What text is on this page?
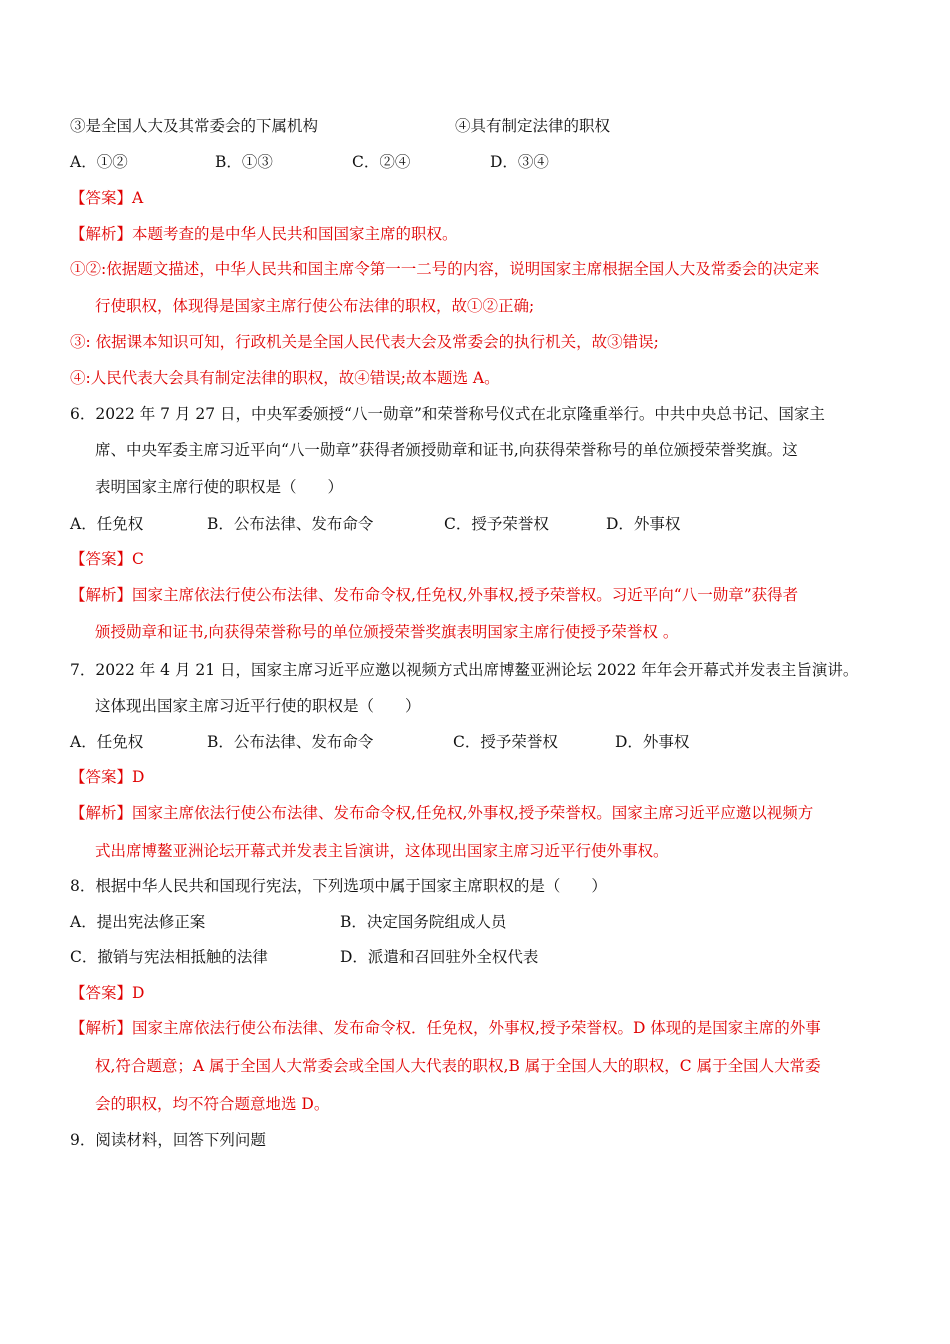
③是全国人大及其常委会的下属机构	④具有制定法律的职权
A．①②	B．①③	C．②④	D．③④
【答案】A
【解析】本题考查的是中华人民共和国国家主席的职权。
①②:依据题文描述，中华人民共和国主席令第一一二号的内容，说明国家主席根据全国人大及常委会的决定来
行使职权，体现得是国家主席行使公布法律的职权，故①②正确;
③: 依据课本知识可知，行政机关是全国人民代表大会及常委会的执行机关，故③错误;
④:人民代表大会具有制定法律的职权，故④错误;故本题选 A。
6．2022 年 7 月 27 日，中央军委颁授“八一勋章”和荣誉称号仪式在北京隆重举行。中共中央总书记、国家主
席、中央军委主席习近平向“八一勋章”获得者颁授勋章和证书,向获得荣誉称号的单位颁授荣誉奖旗。这
表明国家主席行使的职权是（　　）
A．任免权	B．公布法律、发布命令	C．授予荣誉权	D．外事权
【答案】C
【解析】国家主席依法行使公布法律、发布命令权,任免权,外事权,授予荣誉权。习近平向“八一勋章”获得者
颁授勋章和证书,向获得荣誉称号的单位颁授荣誉奖旗表明国家主席行使授予荣誉权 。
7．2022 年 4 月 21 日，国家主席习近平应邀以视频方式出席博鳌亚洲论坛 2022 年年会开幕式并发表主旨演讲。
这体现出国家主席习近平行使的职权是（　　）
A．任免权	B．公布法律、发布命令	C．授予荣誉权	D．外事权
【答案】D
【解析】国家主席依法行使公布法律、发布命令权,任免权,外事权,授予荣誉权。国家主席习近平应邀以视频方
式出席博鳌亚洲论坛开幕式并发表主旨演讲，这体现出国家主席习近平行使外事权。
8．根据中华人民共和国现行宪法，下列选项中属于国家主席职权的是（　　）
A．提出宪法修正案	B．决定国务院组成人员
C．撤销与宪法相抵触的法律	D．派遣和召回驻外全权代表
【答案】D
【解析】国家主席依法行使公布法律、发布命令权．任免权，外事权,授予荣誉权。D 体现的是国家主席的外事
权,符合题意；A 属于全国人大常委会或全国人大代表的职权,B 属于全国人大的职权，C 属于全国人大常委
会的职权，均不符合题意地选 D。
9．阅读材料，回答下列问题
